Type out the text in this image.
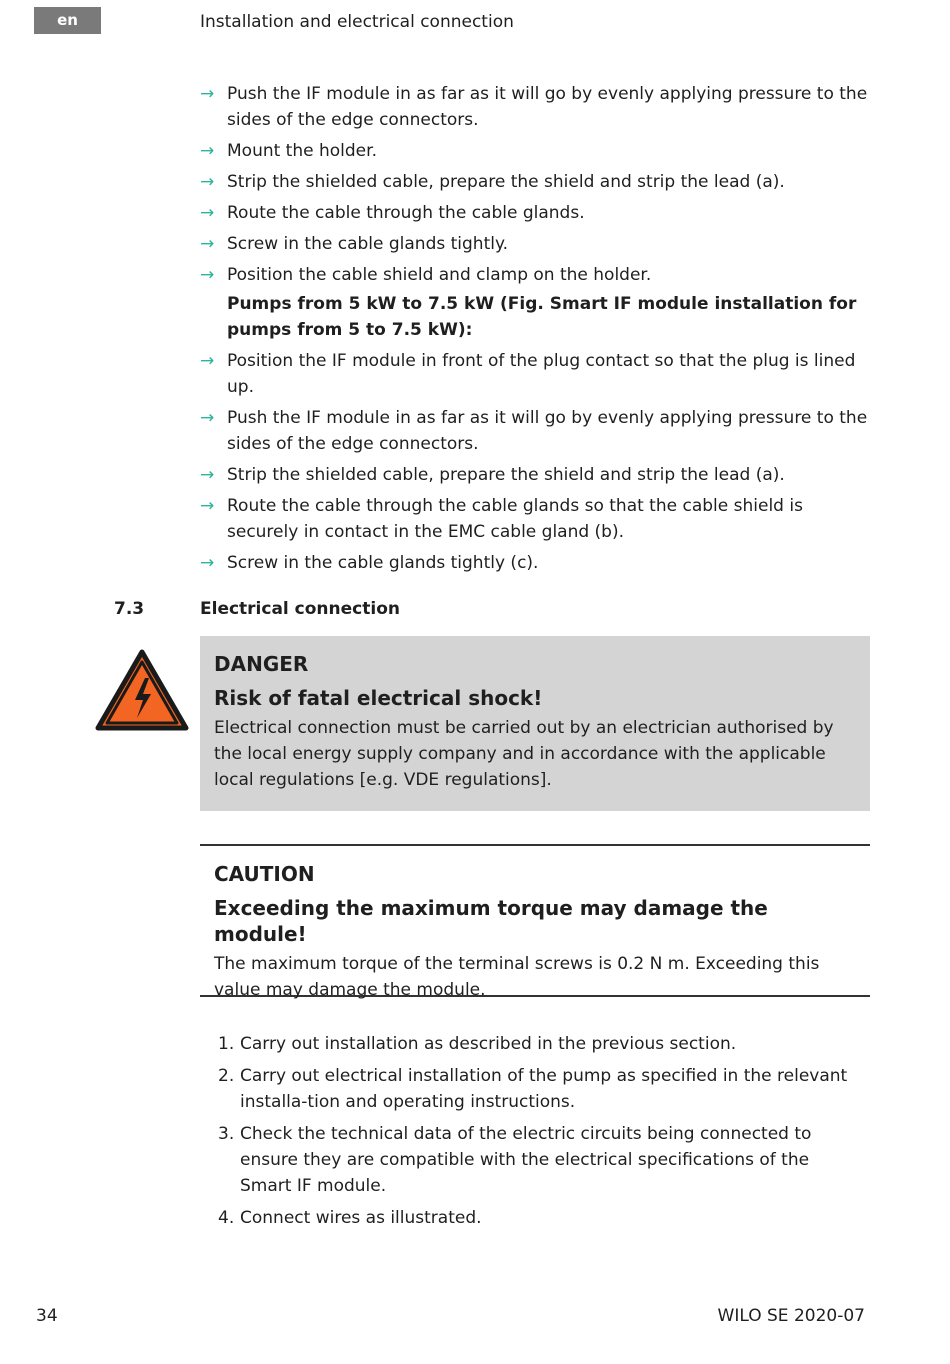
en	Installation and electrical connection
→ Push the IF module in as far as it will go by evenly applying pressure to the sides of the edge connectors.
→ Mount the holder.
→ Strip the shielded cable, prepare the shield and strip the lead (a).
→ Route the cable through the cable glands.
→ Screw in the cable glands tightly.
→ Position the cable shield and clamp on the holder.
Pumps from 5 kW to 7.5 kW (Fig. Smart IF module installation for pumps from 5 to 7.5 kW):
→ Position the IF module in front of the plug contact so that the plug is lined up.
→ Push the IF module in as far as it will go by evenly applying pressure to the sides of the edge connectors.
→ Strip the shielded cable, prepare the shield and strip the lead (a).
→ Route the cable through the cable glands so that the cable shield is securely in contact in the EMC cable gland (b).
→ Screw in the cable glands tightly (c).
7.3	Electrical connection
DANGER
Risk of fatal electrical shock!
Electrical connection must be carried out by an electrician authorised by the local energy supply company and in accordance with the applicable local regulations [e.g. VDE regulations].
CAUTION
Exceeding the maximum torque may damage the module!
The maximum torque of the terminal screws is 0.2 N m. Exceeding this value may damage the module.
1. Carry out installation as described in the previous section.
2. Carry out electrical installation of the pump as specified in the relevant installa-tion and operating instructions.
3. Check the technical data of the electric circuits being connected to ensure they are compatible with the electrical specifications of the Smart IF module.
4. Connect wires as illustrated.
34	WILO SE 2020-07
